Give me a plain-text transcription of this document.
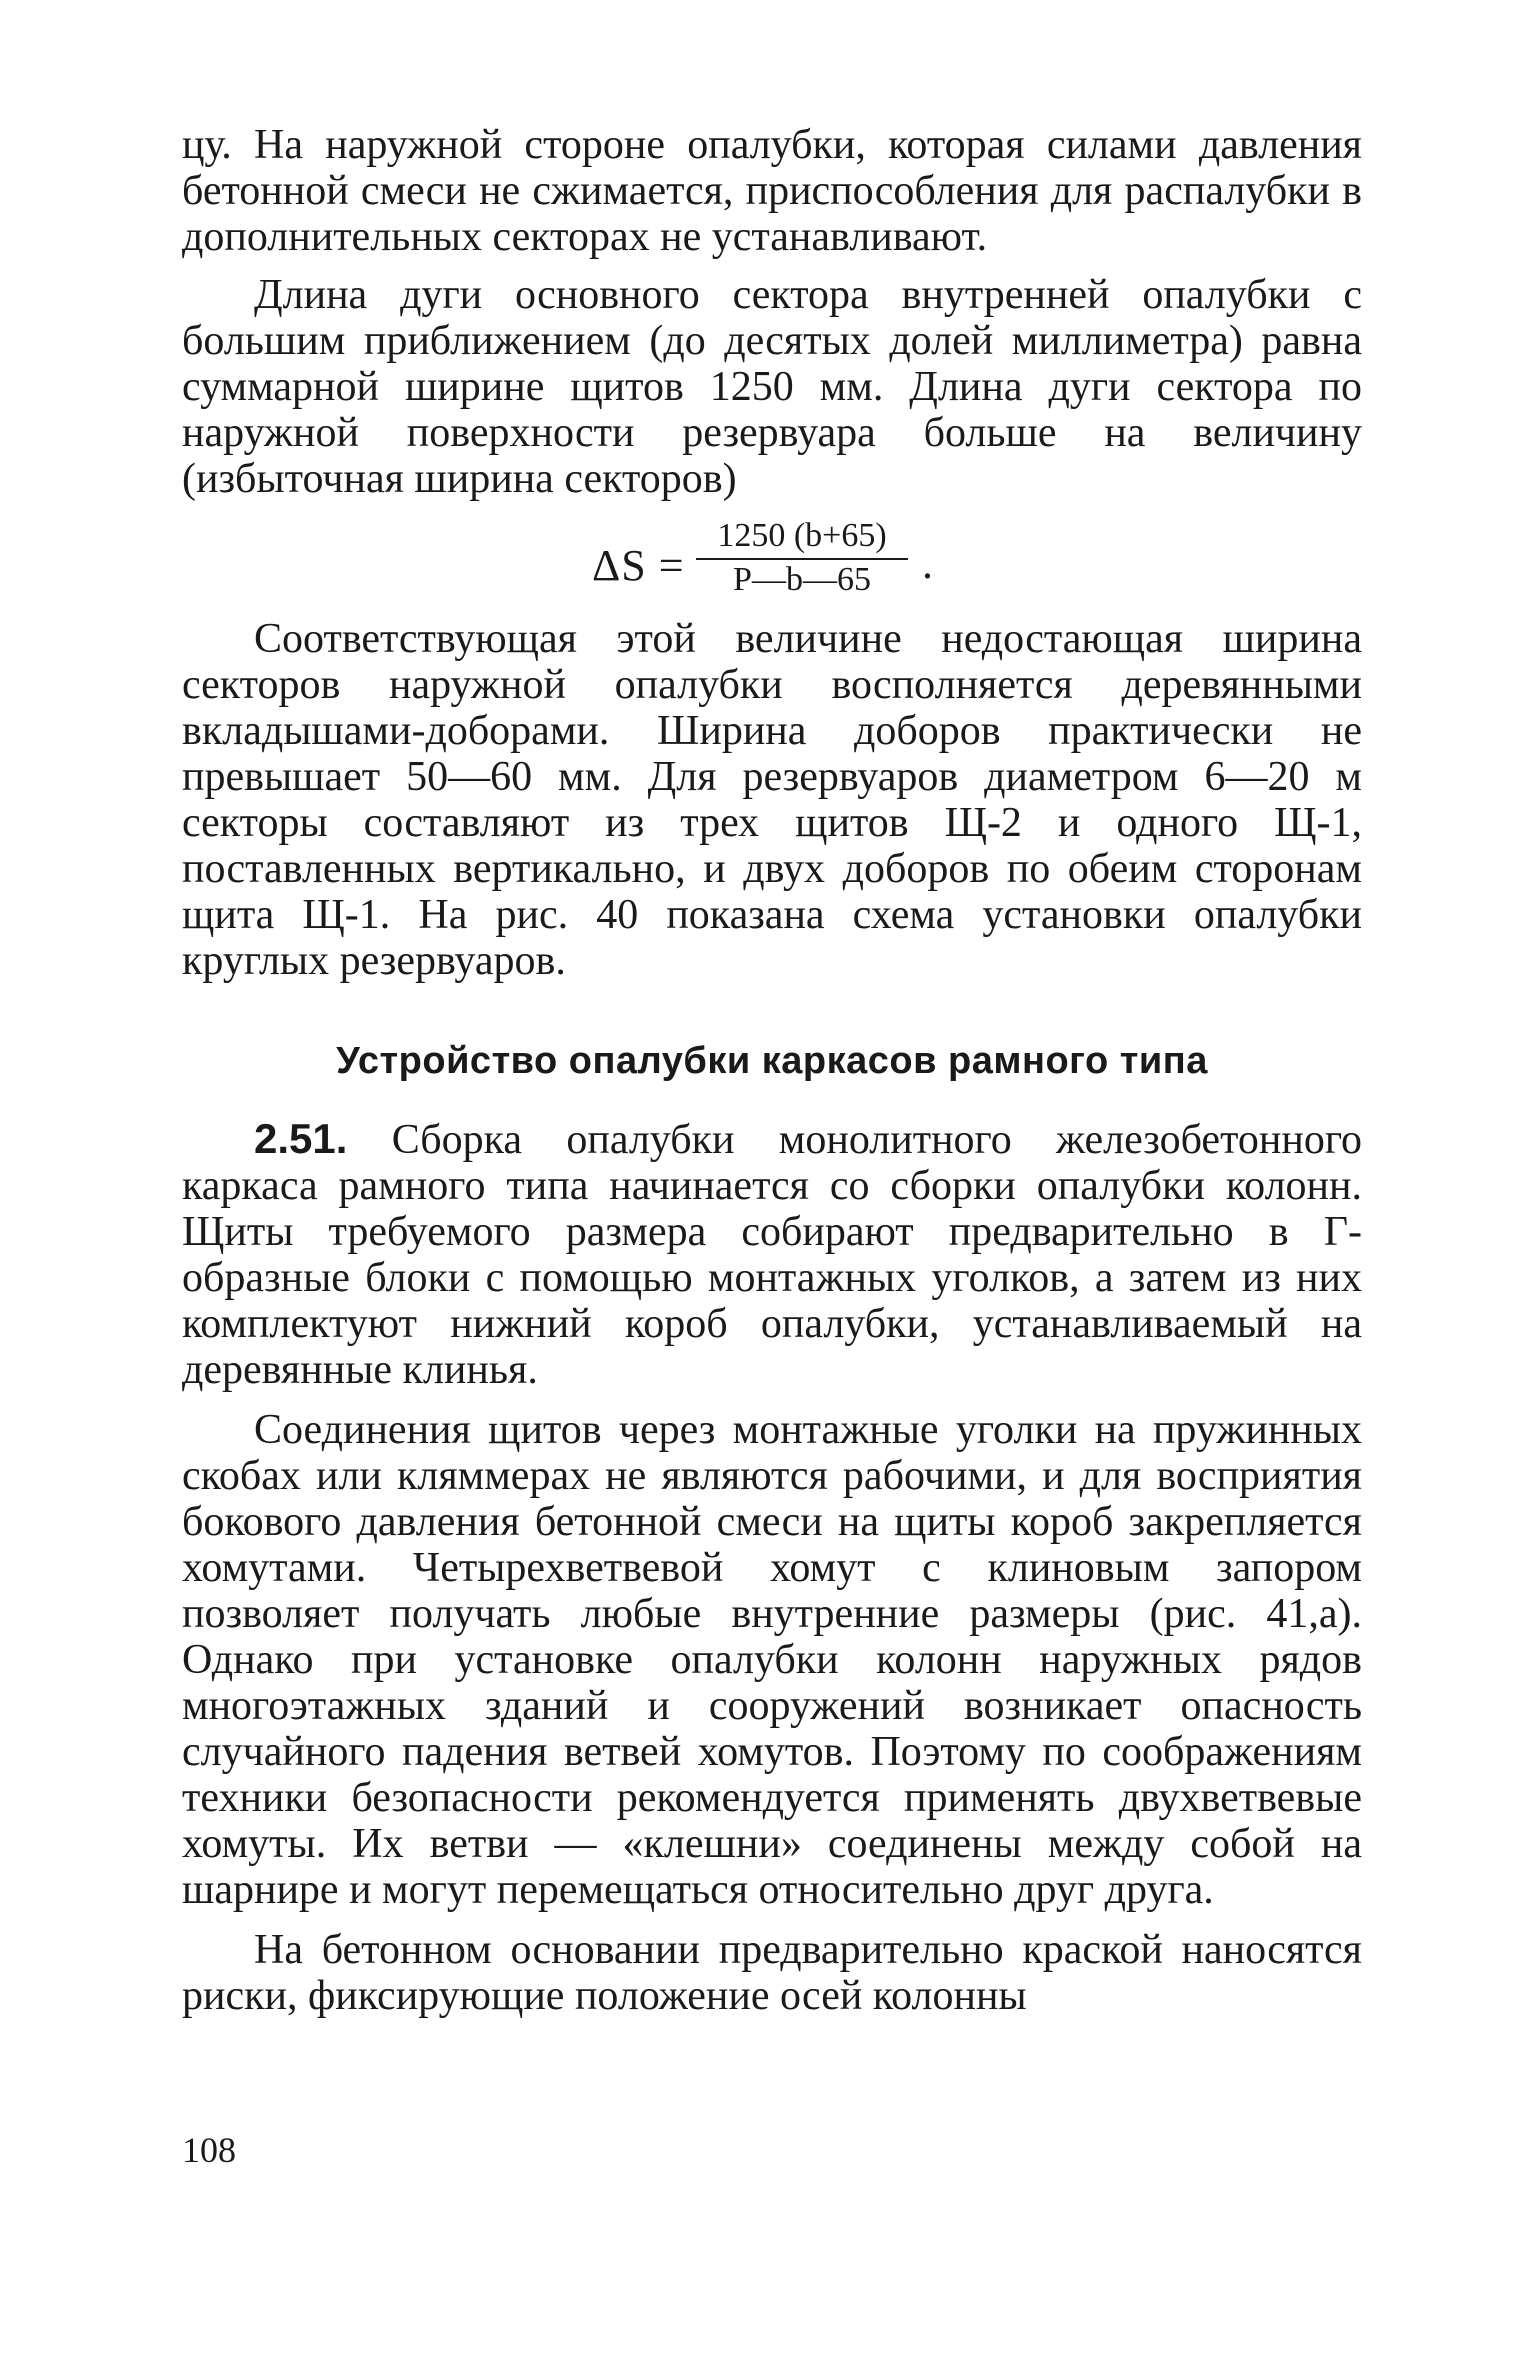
цу. На наружной стороне опалубки, которая силами давления бетонной смеси не сжимается, приспособления для распалубки в дополнительных секторах не устанавливают.

Длина дуги основного сектора внутренней опалубки с большим приближением (до десятых долей миллиметра) равна суммарной ширине щитов 1250 мм. Длина дуги сектора по наружной поверхности резервуара больше на величину (избыточная ширина секторов)

$\Delta S = \frac{1250 (b+65)}{P—b—65}$ .

Соответствующая этой величине недостающая ширина секторов наружной опалубки восполняется деревянными вкладышами-доборами. Ширина доборов практически не превышает 50—60 мм. Для резервуаров диаметром 6—20 м секторы составляют из трех щитов Щ-2 и одного Щ-1, поставленных вертикально, и двух доборов по обеим сторонам щита Щ-1. На рис. 40 показана схема установки опалубки круглых резервуаров.

Устройство опалубки каркасов рамного типа

2.51. Сборка опалубки монолитного железобетонного каркаса рамного типа начинается со сборки опалубки колонн. Щиты требуемого размера собирают предварительно в Г-образные блоки с помощью монтажных уголков, а затем из них комплектуют нижний короб опалубки, устанавливаемый на деревянные клинья.

Соединения щитов через монтажные уголки на пружинных скобах или кляммерах не являются рабочими, и для восприятия бокового давления бетонной смеси на щиты короб закрепляется хомутами. Четырехветвевой хомут с клиновым запором позволяет получать любые внутренние размеры (рис. 41,а). Однако при установке опалубки колонн наружных рядов многоэтажных зданий и сооружений возникает опасность случайного падения ветвей хомутов. Поэтому по соображениям техники безопасности рекомендуется применять двухветвевые хомуты. Их ветви — «клешни» соединены между собой на шарнире и могут перемещаться относительно друг друга.

На бетонном основании предварительно краской наносятся риски, фиксирующие положение осей колонны

108
